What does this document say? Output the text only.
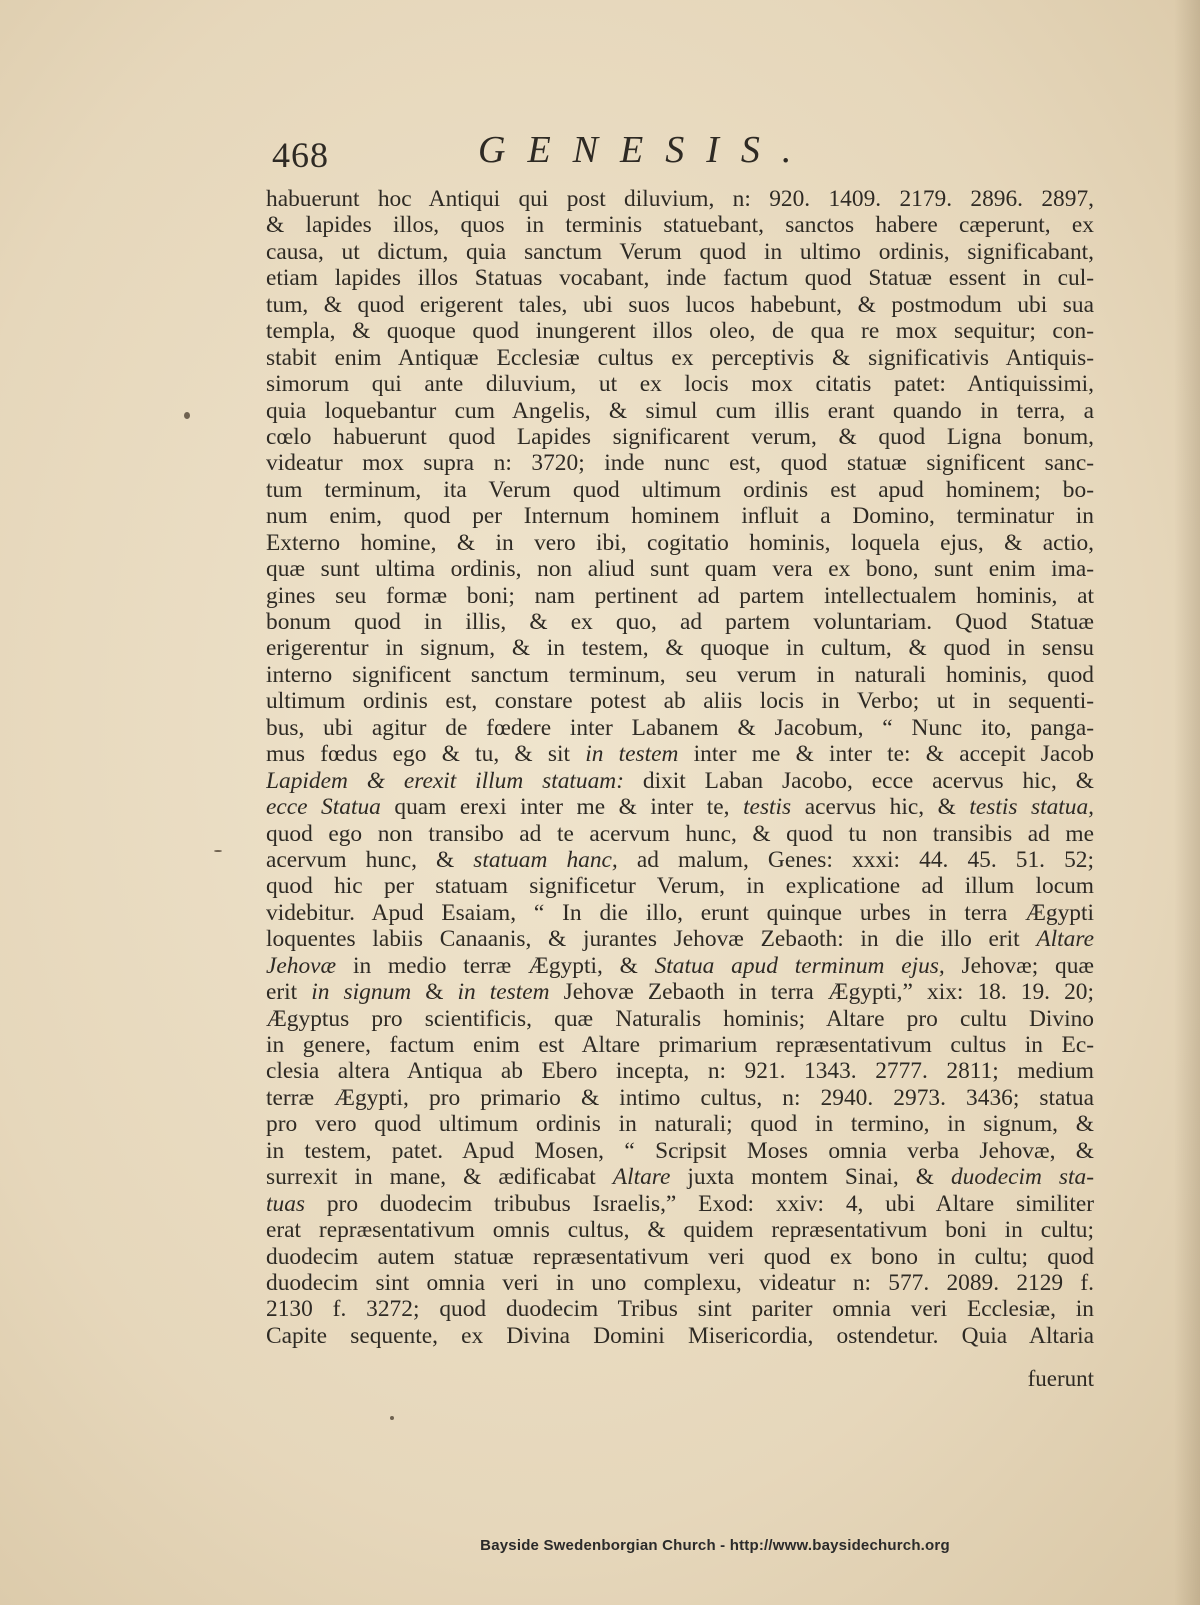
468	GENESIS.
habuerunt hoc Antiqui qui post diluvium, n: 920. 1409. 2179. 2896. 2897,
& lapides illos, quos in terminis statuebant, sanctos habere cæperunt, ex
causa, ut dictum, quia sanctum Verum quod in ultimo ordinis, significabant,
etiam lapides illos Statuas vocabant, inde factum quod Statuæ essent in cul-
tum, & quod erigerent tales, ubi suos lucos habebunt, & postmodum ubi sua
templa, & quoque quod inungerent illos oleo, de qua re mox sequitur; con-
stabit enim Antiquæ Ecclesiæ cultus ex perceptivis & significativis Antiquis-
simorum qui ante diluvium, ut ex locis mox citatis patet: Antiquissimi,
quia loquebantur cum Angelis, & simul cum illis erant quando in terra, a
cœlo habuerunt quod Lapides significarent verum, & quod Ligna bonum,
videatur mox supra n: 3720; inde nunc est, quod statuæ significent sanc-
tum terminum, ita Verum quod ultimum ordinis est apud hominem; bo-
num enim, quod per Internum hominem influit a Domino, terminatur in
Externo homine, & in vero ibi, cogitatio hominis, loquela ejus, & actio,
quæ sunt ultima ordinis, non aliud sunt quam vera ex bono, sunt enim ima-
gines seu formæ boni; nam pertinent ad partem intellectualem hominis, at
bonum quod in illis, & ex quo, ad partem voluntariam. Quod Statuæ
erigerentur in signum, & in testem, & quoque in cultum, & quod in sensu
interno significent sanctum terminum, seu verum in naturali hominis, quod
ultimum ordinis est, constare potest ab aliis locis in Verbo; ut in sequenti-
bus, ubi agitur de fœdere inter Labanem & Jacobum, “ Nunc ito, panga-
mus fœdus ego & tu, & sit in testem inter me & inter te: & accepit Jacob
Lapidem & erexit illum statuam: dixit Laban Jacobo, ecce acervus hic, &
ecce Statua quam erexi inter me & inter te, testis acervus hic, & testis statua,
quod ego non transibo ad te acervum hunc, & quod tu non transibis ad me
acervum hunc, & statuam hanc, ad malum, Genes: xxxi: 44. 45. 51. 52;
quod hic per statuam significetur Verum, in explicatione ad illum locum
videbitur. Apud Esaiam, “ In die illo, erunt quinque urbes in terra Ægypti
loquentes labiis Canaanis, & jurantes Jehovæ Zebaoth: in die illo erit Altare
Jehovæ in medio terræ Ægypti, & Statua apud terminum ejus, Jehovæ; quæ
erit in signum & in testem Jehovæ Zebaoth in terra Ægypti,” xix: 18. 19. 20;
Ægyptus pro scientificis, quæ Naturalis hominis; Altare pro cultu Divino
in genere, factum enim est Altare primarium repræsentativum cultus in Ec-
clesia altera Antiqua ab Ebero incepta, n: 921. 1343. 2777. 2811; medium
terræ Ægypti, pro primario & intimo cultus, n: 2940. 2973. 3436; statua
pro vero quod ultimum ordinis in naturali; quod in termino, in signum, &
in testem, patet. Apud Mosen, “ Scripsit Moses omnia verba Jehovæ, &
surrexit in mane, & ædificabat Altare juxta montem Sinai, & duodecim sta-
tuas pro duodecim tribubus Israelis,” Exod: xxiv: 4, ubi Altare similiter
erat repræsentativum omnis cultus, & quidem repræsentativum boni in cultu;
duodecim autem statuæ repræsentativum veri quod ex bono in cultu; quod
duodecim sint omnia veri in uno complexu, videatur n: 577. 2089. 2129 f.
2130 f. 3272; quod duodecim Tribus sint pariter omnia veri Ecclesiæ, in
Capite sequente, ex Divina Domini Misericordia, ostendetur. Quia Altaria
fuerunt
Bayside Swedenborgian Church - http://www.baysidechurch.org
